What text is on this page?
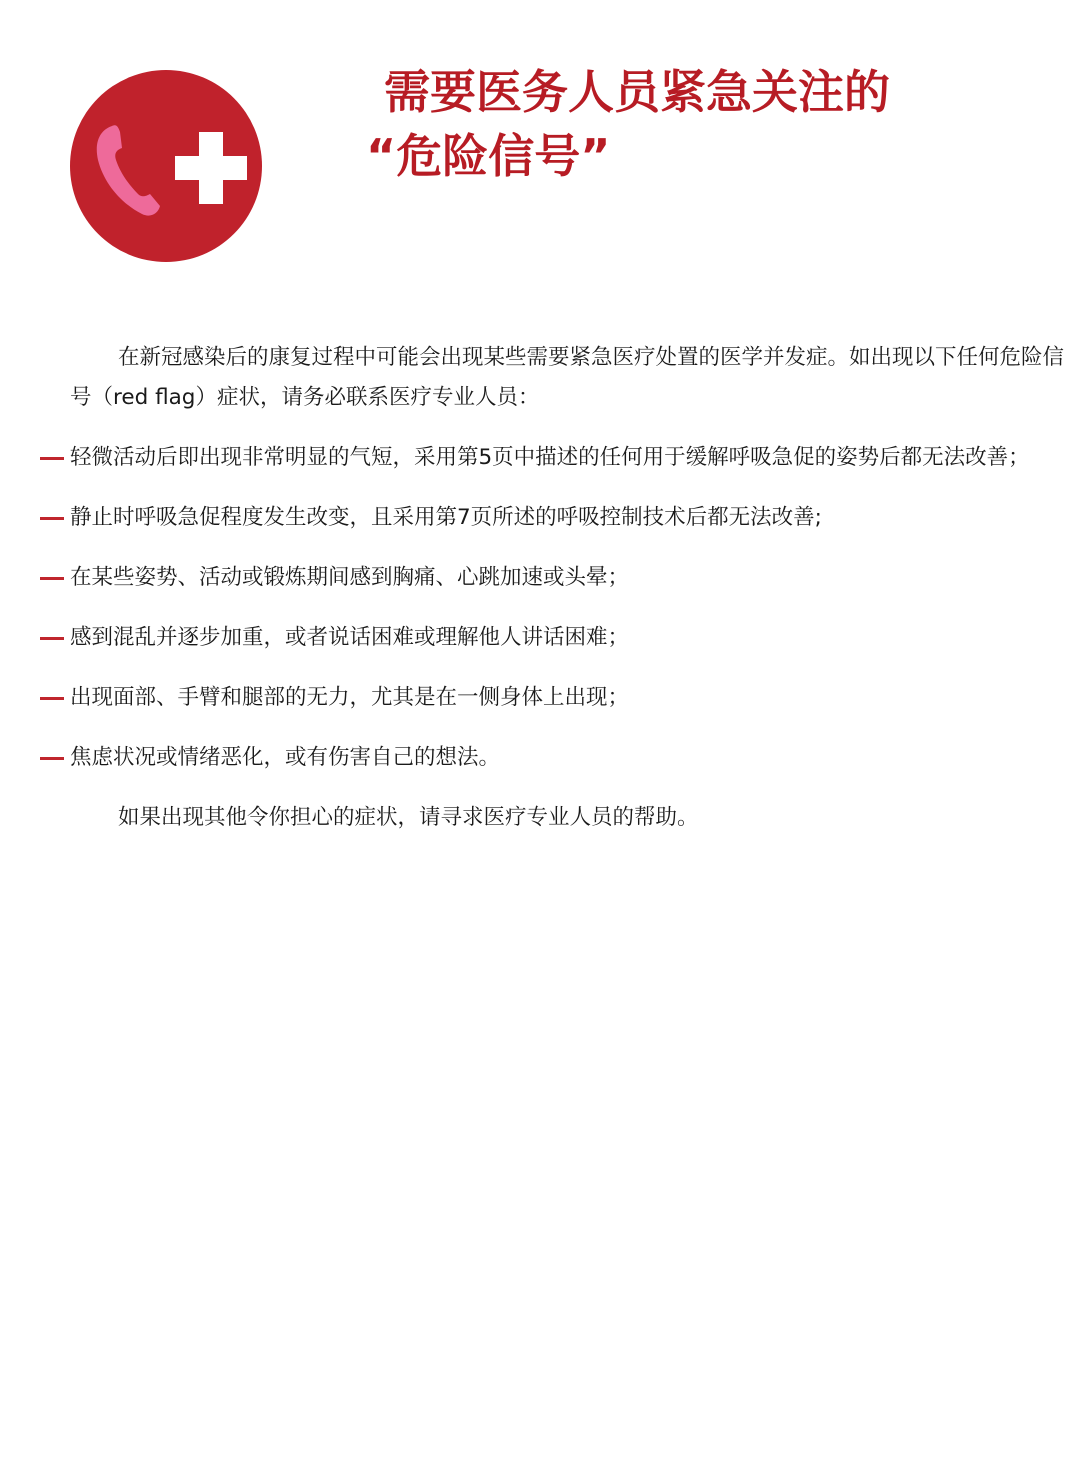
需要医务人员紧急关注的
“危险信号”

在新冠感染后的康复过程中可能会出现某些需要紧急医疗处置的医学并发症。如出现以下任何危险信号（red flag）症状，请务必联系医疗专业人员：

轻微活动后即出现非常明显的气短，采用第5页中描述的任何用于缓解呼吸急促的姿势后都无法改善；
静止时呼吸急促程度发生改变，且采用第7页所述的呼吸控制技术后都无法改善;
在某些姿势、活动或锻炼期间感到胸痛、心跳加速或头晕；
感到混乱并逐步加重，或者说话困难或理解他人讲话困难；
出现面部、手臂和腿部的无力，尤其是在一侧身体上出现；
焦虑状况或情绪恶化，或有伤害自己的想法。

如果出现其他令你担心的症状，请寻求医疗专业人员的帮助。
